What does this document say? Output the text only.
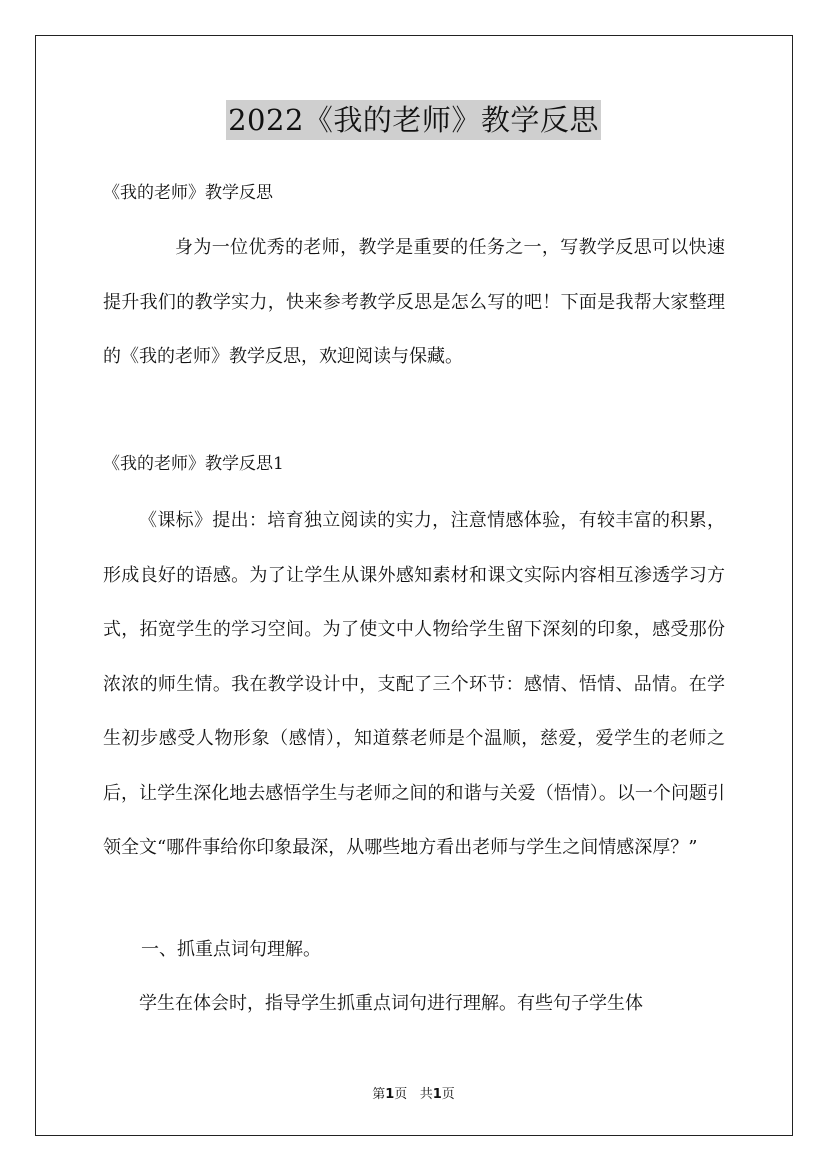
2022《我的老师》教学反思
《我的老师》教学反思

身为一位优秀的老师，教学是重要的任务之一，写教学反思可以快速提升我们的教学实力，快来参考教学反思是怎么写的吧！下面是我帮大家整理的《我的老师》教学反思，欢迎阅读与保藏。

《我的老师》教学反思1

《课标》提出：培育独立阅读的实力，注意情感体验，有较丰富的积累，形成良好的语感。为了让学生从课外感知素材和课文实际内容相互渗透学习方式，拓宽学生的学习空间。为了使文中人物给学生留下深刻的印象，感受那份浓浓的师生情。我在教学设计中，支配了三个环节：感情、悟情、品情。在学生初步感受人物形象（感情），知道蔡老师是个温顺，慈爱，爱学生的老师之后，让学生深化地去感悟学生与老师之间的和谐与关爱（悟情）。以一个问题引领全文“哪件事给你印象最深，从哪些地方看出老师与学生之间情感深厚？”

一、抓重点词句理解。

学生在体会时，指导学生抓重点词句进行理解。有些句子学生体

第1页 共1页
